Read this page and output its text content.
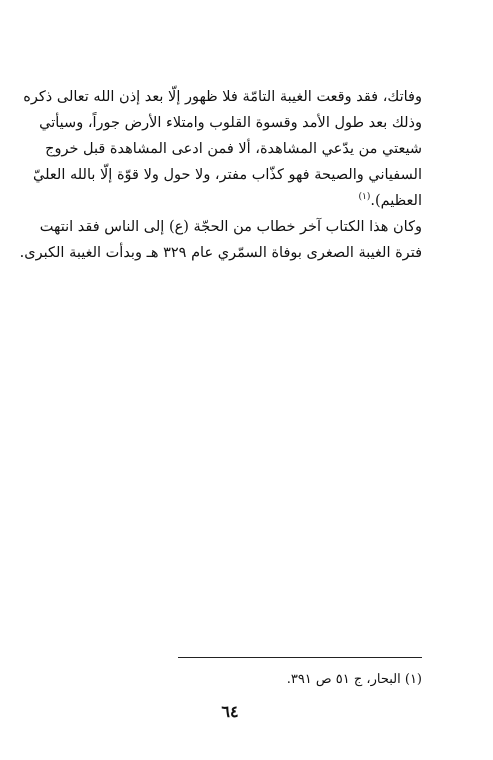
وفاتك، فقد وقعت الغيبة التامّة فلا ظهور إلّا بعد إذن الله تعالى ذكره
وذلك بعد طول الأمد وقسوة القلوب وامتلاء الأرض جوراً، وسيأتي
شيعتي من يدّعي المشاهدة، ألا فمن ادعى المشاهدة قبل خروج
السفياني والصيحة فهو كذّاب مفتر، ولا حول ولا قوّة إلّا بالله العليّ
العظيم).$^{(١)}$
وكان هذا الكتاب آخر خطاب من الحجّة (ع) إلى الناس فقد انتهت
فترة الغيبة الصغرى بوفاة السمّري عام ٣٢٩ هـ وبدأت الغيبة الكبرى.
(١) البحار، ج ٥١ ص ٣٩١.
٦٤
